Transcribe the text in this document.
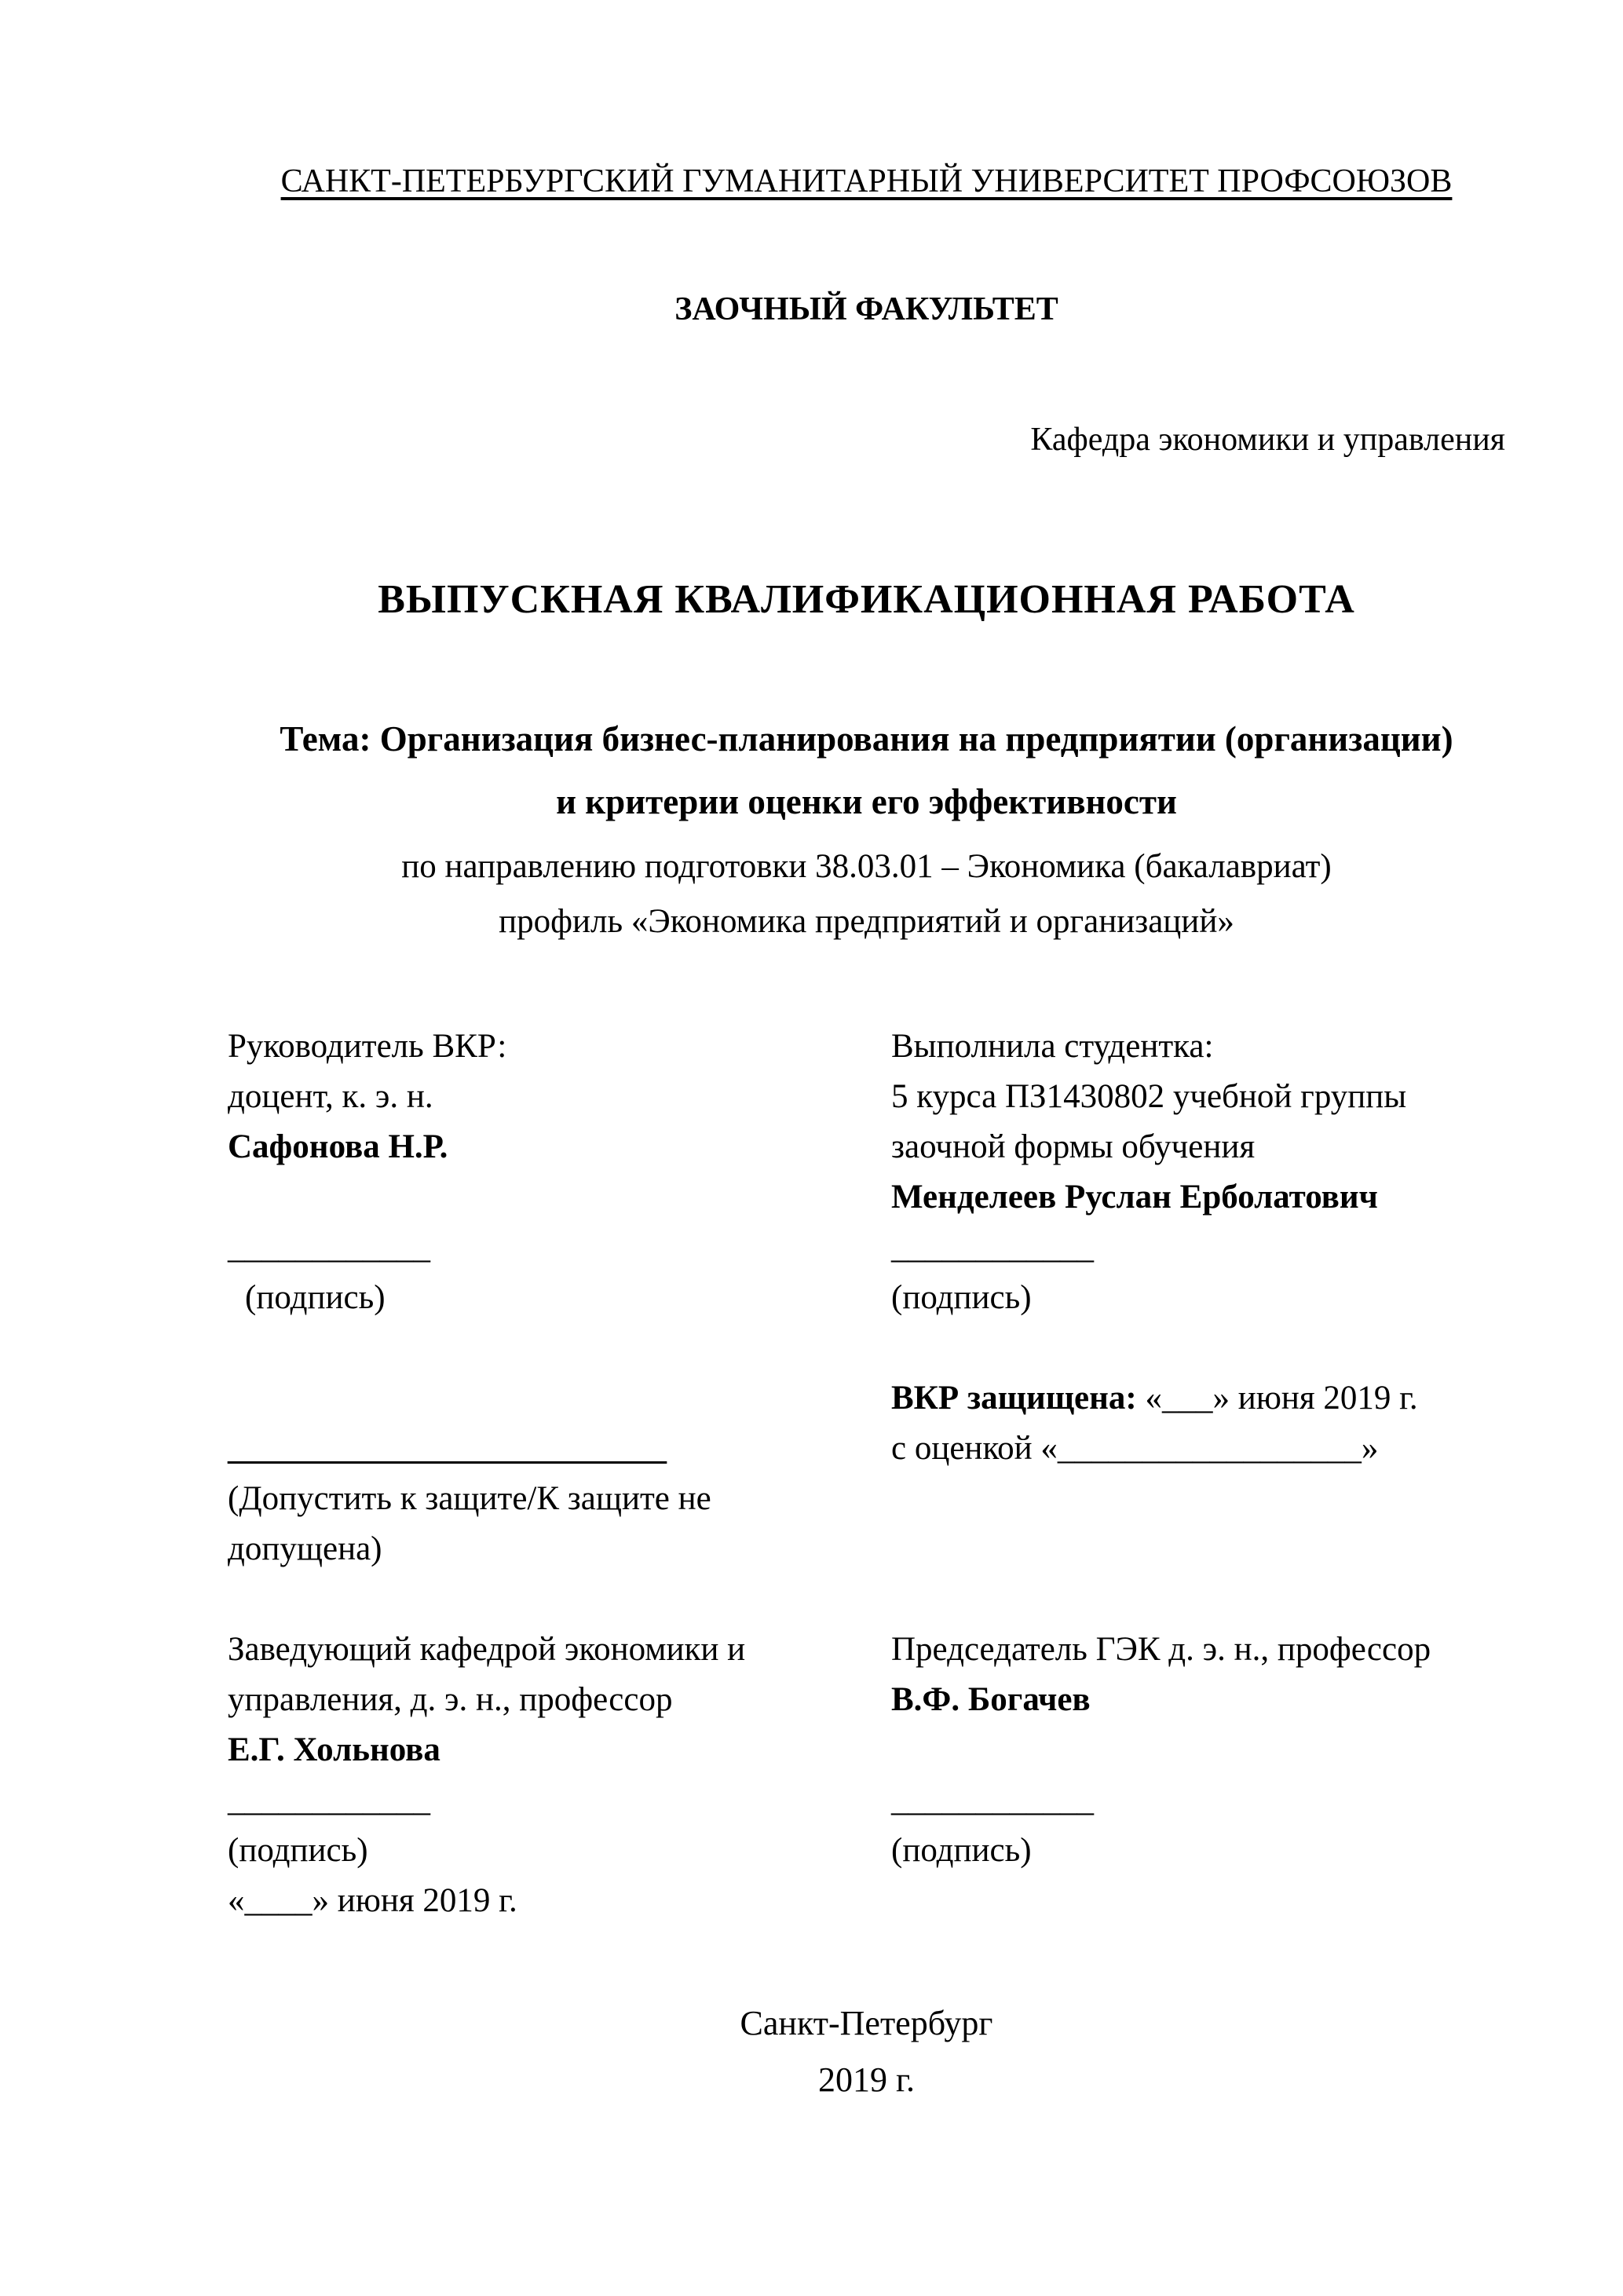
САНКТ-ПЕТЕРБУРГСКИЙ ГУМАНИТАРНЫЙ УНИВЕРСИТЕТ ПРОФСОЮЗОВ
ЗАОЧНЫЙ ФАКУЛЬТЕТ
Кафедра экономики и управления
ВЫПУСКНАЯ КВАЛИФИКАЦИОННАЯ РАБОТА
Тема: Организация бизнес-планирования на предприятии (организации)
и критерии оценки его эффективности
по направлению подготовки 38.03.01 – Экономика (бакалавриат)
профиль «Экономика предприятий и организаций»
Руководитель ВКР:
доцент, к. э. н.
Сафонова Н.Р.
____________
(подпись)
__________________________
(Допустить к защите/К защите не
допущена)
Заведующий кафедрой экономики и
управления, д. э. н., профессор
Е.Г. Хольнова
____________
(подпись)
«____» июня 2019 г.
Выполнила студентка:
5 курса ПЗ1430802 учебной группы
заочной формы обучения
Менделеев Руслан Ерболатович
____________
(подпись)
ВКР защищена: «___» июня 2019 г.
с оценкой «__________________»
Председатель ГЭК д. э. н., профессор
В.Ф. Богачев
____________
(подпись)
Санкт-Петербург
2019 г.
